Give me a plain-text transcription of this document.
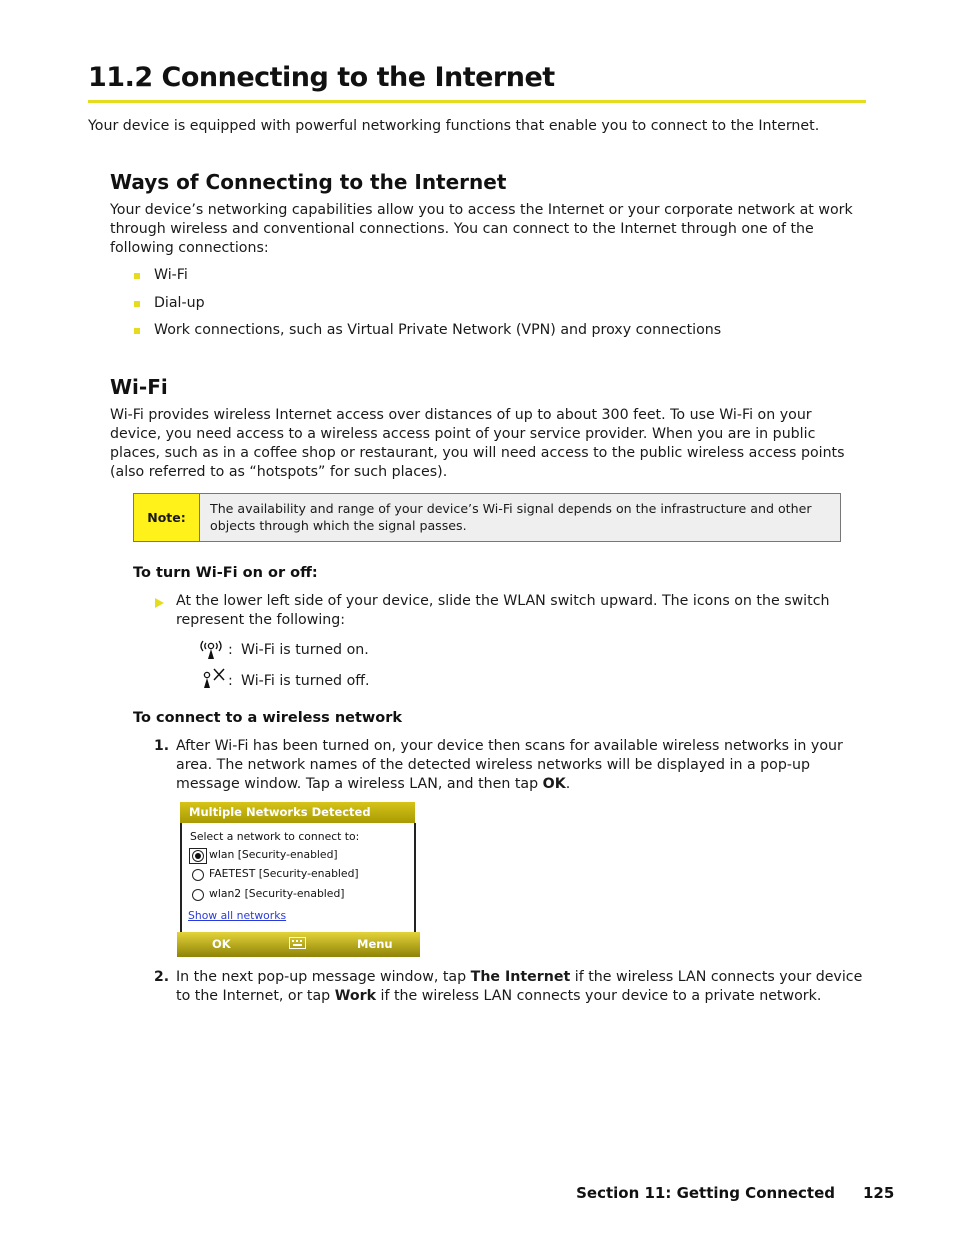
11.2 Connecting to the Internet
Your device is equipped with powerful networking functions that enable you to connect to the Internet.
Ways of Connecting to the Internet
Your device’s networking capabilities allow you to access the Internet or your corporate network at work through wireless and conventional connections. You can connect to the Internet through one of the following connections:
Wi-Fi
Dial-up
Work connections, such as Virtual Private Network (VPN) and proxy connections
Wi-Fi
Wi-Fi provides wireless Internet access over distances of up to about 300 feet. To use Wi-Fi on your device, you need access to a wireless access point of your service provider. When you are in public places, such as in a coffee shop or restaurant, you will need access to the public wireless access points (also referred to as “hotspots” for such places).
Note:
The availability and range of your device’s Wi-Fi signal depends on the infrastructure and other objects through which the signal passes.
To turn Wi-Fi on or off:
At the lower left side of your device, slide the WLAN switch upward. The icons on the switch represent the following:
: Wi-Fi is turned on.
: Wi-Fi is turned off.
To connect to a wireless network
1. After Wi-Fi has been turned on, your device then scans for available wireless networks in your area. The network names of the detected wireless networks will be displayed in a pop-up message window. Tap a wireless LAN, and then tap OK.
Multiple Networks Detected
Select a network to connect to:
wlan [Security-enabled]
FAETEST [Security-enabled]
wlan2 [Security-enabled]
Show all networks
OK	Menu
2. In the next pop-up message window, tap The Internet if the wireless LAN connects your device to the Internet, or tap Work if the wireless LAN connects your device to a private network.
Section 11: Getting Connected 125
